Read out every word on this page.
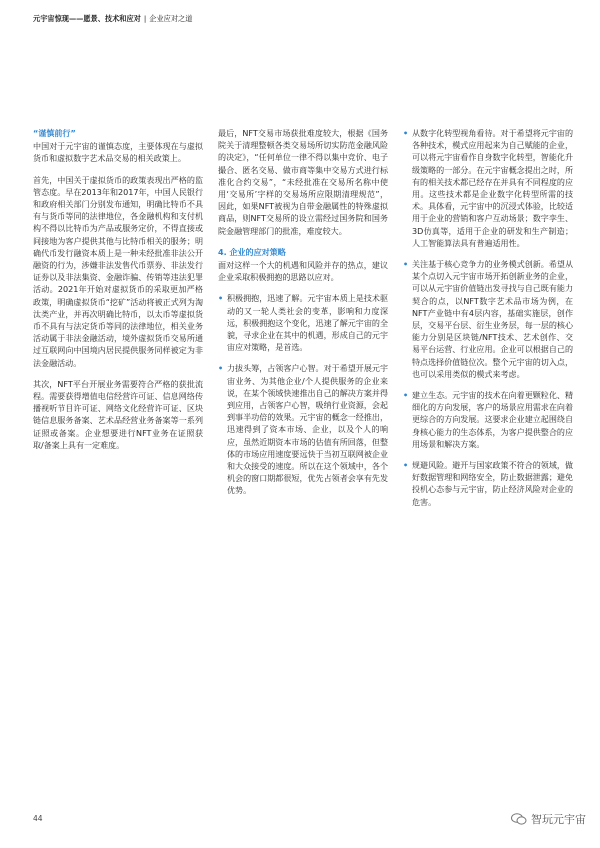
元宇宙惊现——愿景、技术和应对 | 企业应对之道
“谨慎前行”

中国对于元宇宙的谨慎态度，主要体现在与虚拟货币和虚拟数字艺术品交易的相关政策上。

首先，中国关于虚拟货币的政策表现出严格的监管态度。早在2013年和2017年，中国人民银行和政府相关部门分别发布通知，明确比特币不具有与货币等同的法律地位，各金融机构和支付机构不得以比特币为产品或服务定价，不得直接或间接地为客户提供其他与比特币相关的服务；明确代币发行融资本质上是一种未经批准非法公开融资的行为，涉嫌非法发售代币票券、非法发行证券以及非法集资、金融诈骗、传销等违法犯罪活动。2021年开始对虚拟货币的采取更加严格政策，明确虚拟货币“挖矿”活动将被正式列为淘汰类产业，并再次明确比特币，以太币等虚拟货币不具有与法定货币等同的法律地位，相关业务活动属于非法金融活动，境外虚拟货币交易所通过互联网向中国境内居民提供服务同样被定为非法金融活动。

其次，NFT平台开展业务需要符合严格的获批流程。需要获得增值电信经营许可证、信息网络传播视听节目许可证、网络文化经营许可证、区块链信息服务备案、艺术品经营业务备案等一系列证照或备案。企业想要进行NFT业务在证照获取/备案上具有一定难度。

最后，NFT交易市场获批难度较大，根据《国务院关于清理整顿各类交易场所切实防范金融风险的决定》，“任何单位一律不得以集中竞价、电子撮合、匿名交易、做市商等集中交易方式进行标准化合约交易”，“未经批准在交易所名称中使用‘交易所’字样的交易场所应限期清理规范”，因此，如果NFT被视为自带金融属性的特殊虚拟商品，则NFT交易所的设立需经过国务院和国务院金融管理部门的批准，难度较大。

4. 企业的应对策略

面对这样一个大的机遇和风险并存的热点，建议企业采取积极拥抱的思路以应对。

• 积极拥抱，迅速了解。元宇宙本质上是技术驱动的又一轮人类社会的变革，影响和力度深远，积极拥抱这个变化，迅速了解元宇宙的全貌，寻求企业在其中的机遇，形成自己的元宇宙应对策略，是首选。
• 力拔头筹，占领客户心智。对于希望开展元宇宙业务、为其他企业/个人提供服务的企业来说，在某个领域快速推出自己的解决方案并得到应用，占领客户心智，吸纳行业资源，会起到事半功倍的效果。元宇宙的概念一经推出，迅速得到了资本市场、企业，以及个人的响应，虽然近期资本市场的估值有所回落，但整体的市场应用速度要远快于当初互联网被企业和大众接受的速度。所以在这个领域中，各个机会的窗口期都很短，优先占领者会享有先发优势。
• 从数字化转型视角看待。对于希望将元宇宙的各种技术，模式应用起来为自己赋能的企业，可以将元宇宙看作自身数字化转型，智能化升级策略的一部分。在元宇宙概念提出之时，所有的相关技术都已经存在并具有不同程度的应用。这些技术都是企业数字化转型所需的技术。具体看，元宇宙中的沉浸式体验，比较适用于企业的营销和客户互动场景；数字孪生、3D仿真等，适用于企业的研发和生产制造；人工智能算法具有普遍适用性。
• 关注基于核心竞争力的业务模式创新。希望从某个点切入元宇宙市场开拓创新业务的企业，可以从元宇宙价值链出发寻找与自己既有能力契合的点，以NFT数字艺术品市场为例，在NFT产业链中有4层内容，基础实施层，创作层，交易平台层、衍生业务层，每一层的核心能力分别是区块链/NFT技术、艺术创作、交易平台运营、行业应用。企业可以根据自己的特点选择价值链位次。整个元宇宙的切入点，也可以采用类似的模式来考虑。
• 建立生态。元宇宙的技术在向着更颗粒化、精细化的方向发展，客户的场景应用需求在向着更综合的方向发展。这要求企业建立起围绕自身核心能力的生态体系，为客户提供整合的应用场景和解决方案。
• 规避风险。避开与国家政策不符合的领域，做好数据管理和网络安全，防止数据泄露；避免投机心态参与元宇宙，防止经济风险对企业的危害。
44	智玩元宇宙
